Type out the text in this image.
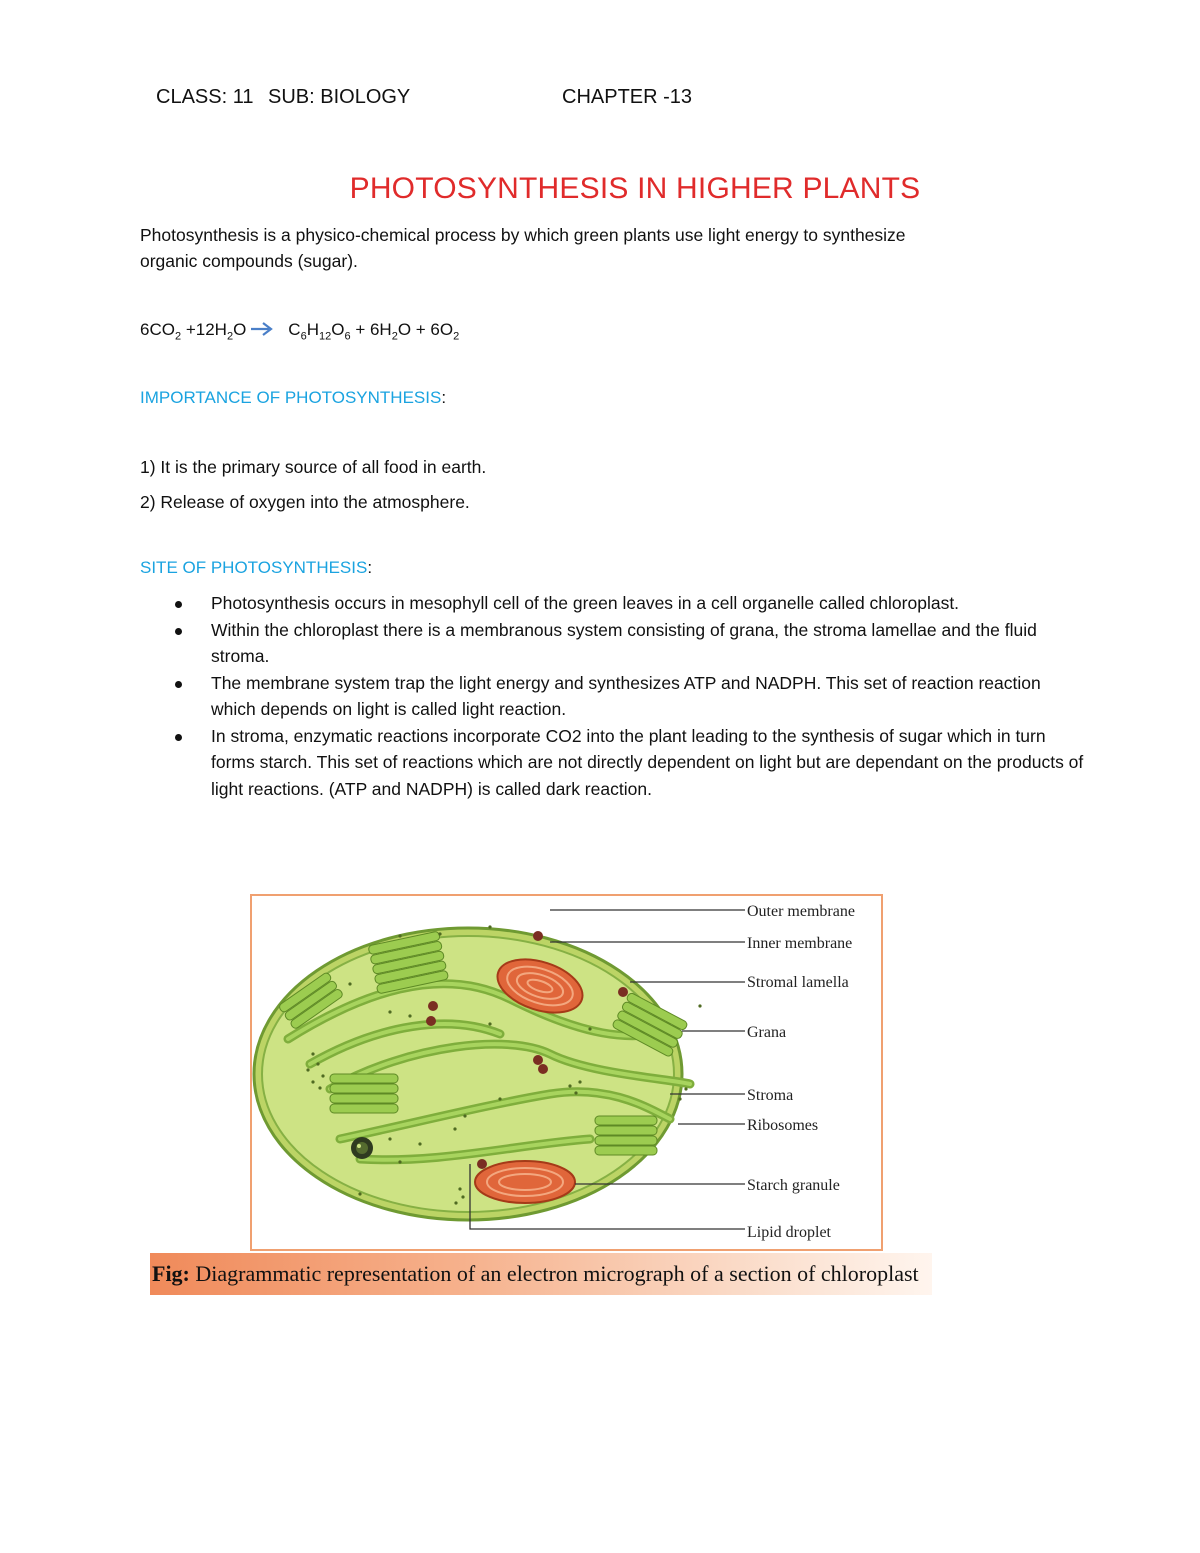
CLASS: 11 SUB: BIOLOGY	CHAPTER -13
PHOTOSYNTHESIS IN HIGHER PLANTS
Photosynthesis is a physico-chemical process by which green plants use light energy to synthesize
organic compounds (sugar).
$6CO_2 +12H_2O \to C_6H_{12}O_6 + 6H_2O + 6O_2$
IMPORTANCE OF PHOTOSYNTHESIS:
1) It is the primary source of all food in earth.
2) Release of oxygen into the atmosphere.
SITE OF PHOTOSYNTHESIS:
Photosynthesis occurs in mesophyll cell of the green leaves in a cell organelle called chloroplast.
Within the chloroplast there is a membranous system consisting of grana, the stroma lamellae and the fluid stroma.
The membrane system trap the light energy and synthesizes ATP and NADPH. This set of reaction reaction which depends on light is called light reaction.
In stroma, enzymatic reactions incorporate CO2 into the plant leading to the synthesis of sugar which in turn forms starch. This set of reactions which are not directly dependent on light but are dependant on the products of light reactions. (ATP and NADPH) is called dark reaction.
Outer membrane
Inner membrane
Stromal lamella
Grana
Stroma
Ribosomes
Starch granule
Lipid droplet
Fig: Diagrammatic representation of an electron micrograph of a section of chloroplast
